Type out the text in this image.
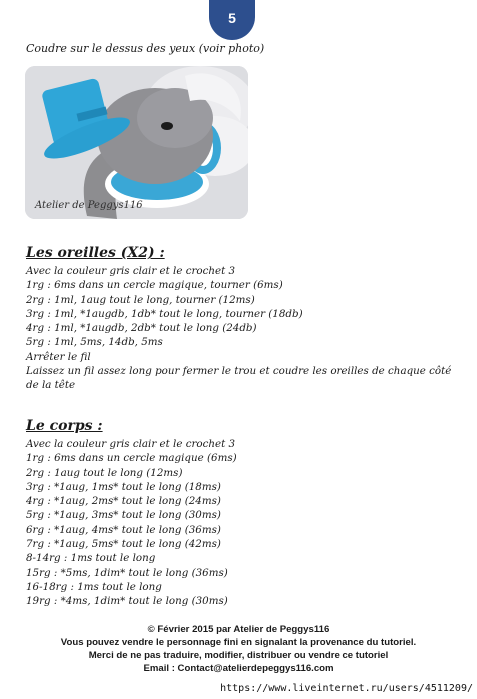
5
Coudre sur le dessus des yeux (voir photo)
Atelier de Peggys116
Les oreilles (X2) :
Avec la couleur gris clair et le crochet 3
1rg : 6ms dans un cercle magique, tourner (6ms)
2rg : 1ml, 1aug tout le long, tourner (12ms)
3rg : 1ml, *1augdb, 1db* tout le long, tourner (18db)
4rg : 1ml, *1augdb, 2db* tout le long (24db)
5rg : 1ml, 5ms, 14db, 5ms
Arrêter le fil
Laissez un fil assez long pour fermer le trou et coudre les oreilles de chaque côté de la tête
Le corps :
Avec la couleur gris clair et le crochet 3
1rg : 6ms dans un cercle magique (6ms)
2rg : 1aug tout le long (12ms)
3rg : *1aug, 1ms* tout le long (18ms)
4rg : *1aug, 2ms* tout le long (24ms)
5rg : *1aug, 3ms* tout le long (30ms)
6rg : *1aug, 4ms* tout le long (36ms)
7rg : *1aug, 5ms* tout le long (42ms)
8-14rg : 1ms tout le long
15rg : *5ms, 1dim* tout le long (36ms)
16-18rg : 1ms tout le long
19rg : *4ms, 1dim* tout le long (30ms)
© Février 2015 par Atelier de Peggys116
Vous pouvez vendre le personnage fini en signalant la provenance du tutoriel.
Merci de ne pas traduire, modifier, distribuer ou vendre ce tutoriel
Email : Contact@atelierdepeggys116.com
https://www.liveinternet.ru/users/4511209/
